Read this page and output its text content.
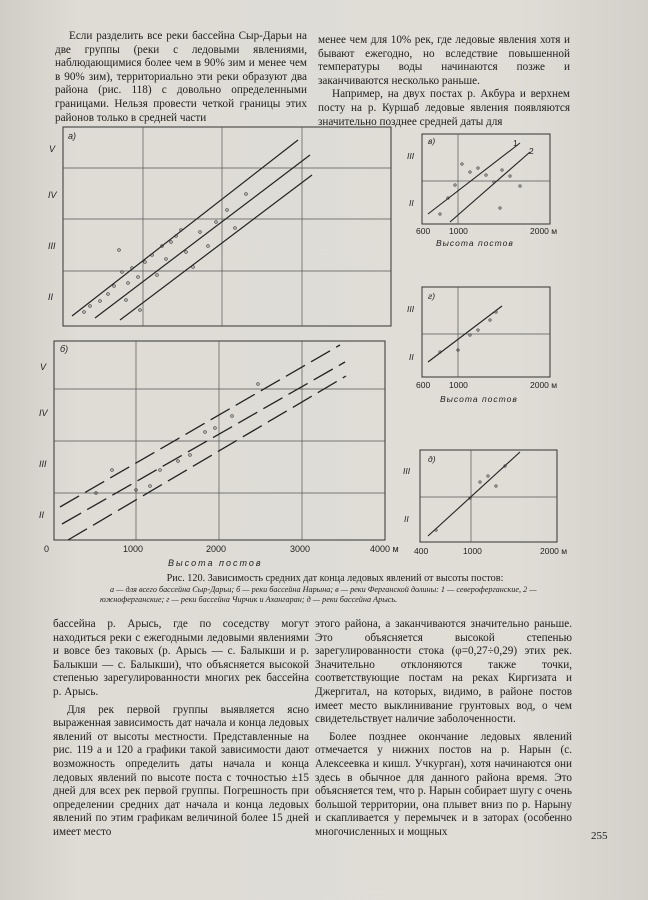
Если разделить все реки бассейна Сыр-Дарьи на две группы (реки с ледовыми явлениями, наблюдающимися более чем в 90% зим и менее чем в 90% зим), территориально эти реки образуют два района (рис. 118) с довольно определенными границами. Нельзя провести четкой границы этих районов только в средней части

менее чем для 10% рек, где ледовые явления хотя и бывают ежегодно, но вследствие повышенной температуры воды начинаются позже и заканчиваются несколько раньше.

Например, на двух постах р. Акбура и верхнем посту на р. Куршаб ледовые явления появляются значительно позднее средней даты для

а)
V
IV
III
II
б)
V
IV
III
II
0	1000	2000	3000	4000 м
Высота постов
в)	1
2
III
II
600 1000	2000 м
Высота постов
г)
III
II
600 1000	2000 м
Высота постов
д)
III
II
400	1000	2000 м
Рис. 120. Зависимость средних дат конца ледовых явлений от высоты постов:
а — для всего бассейна Сыр-Дарьи; б — реки бассейна Нарына; в — реки Ферганской долины: 1 — североферганские, 2 — южноферганские; г — реки бассейна Чирчик и Ахангаран; д — реки бассейна Арысь.

бассейна р. Арысь, где по соседству могут находиться реки с ежегодными ледовыми явлениями и вовсе без таковых (р. Арысь — с. Балыкши и р. Балыкши — с. Балыкши), что объясняется высокой степенью зарегулированности многих рек бассейна р. Арысь.

Для рек первой группы выявляется ясно выраженная зависимость дат начала и конца ледовых явлений от высоты местности. Представленные на рис. 119 а и 120 а графики такой зависимости дают возможность определить даты начала и конца ледовых явлений по высоте поста с точностью ±15 дней для всех рек первой группы. Погрешность при определении средних дат начала и конца ледовых явлений по этим графикам величиной более 15 дней имеет место

этого района, а заканчиваются значительно раньше. Это объясняется высокой степенью зарегулированности стока (φ=0,27÷0,29) этих рек. Значительно отклоняются также точки, соответствующие постам на реках Киргизата и Джергитал, на которых, видимо, в районе постов имеет место выклинивание грунтовых вод, о чем свидетельствует наличие заболоченности.

Более позднее окончание ледовых явлений отмечается у нижних постов на р. Нарын (с. Алексеевка и кишл. Учкурган), хотя начинаются они здесь в обычное для данного района время. Это объясняется тем, что р. Нарын собирает шугу с очень большой территории, она плывет вниз по р. Нарыну и скапливается у перемычек и в заторах (особенно многочисленных и мощных	255
